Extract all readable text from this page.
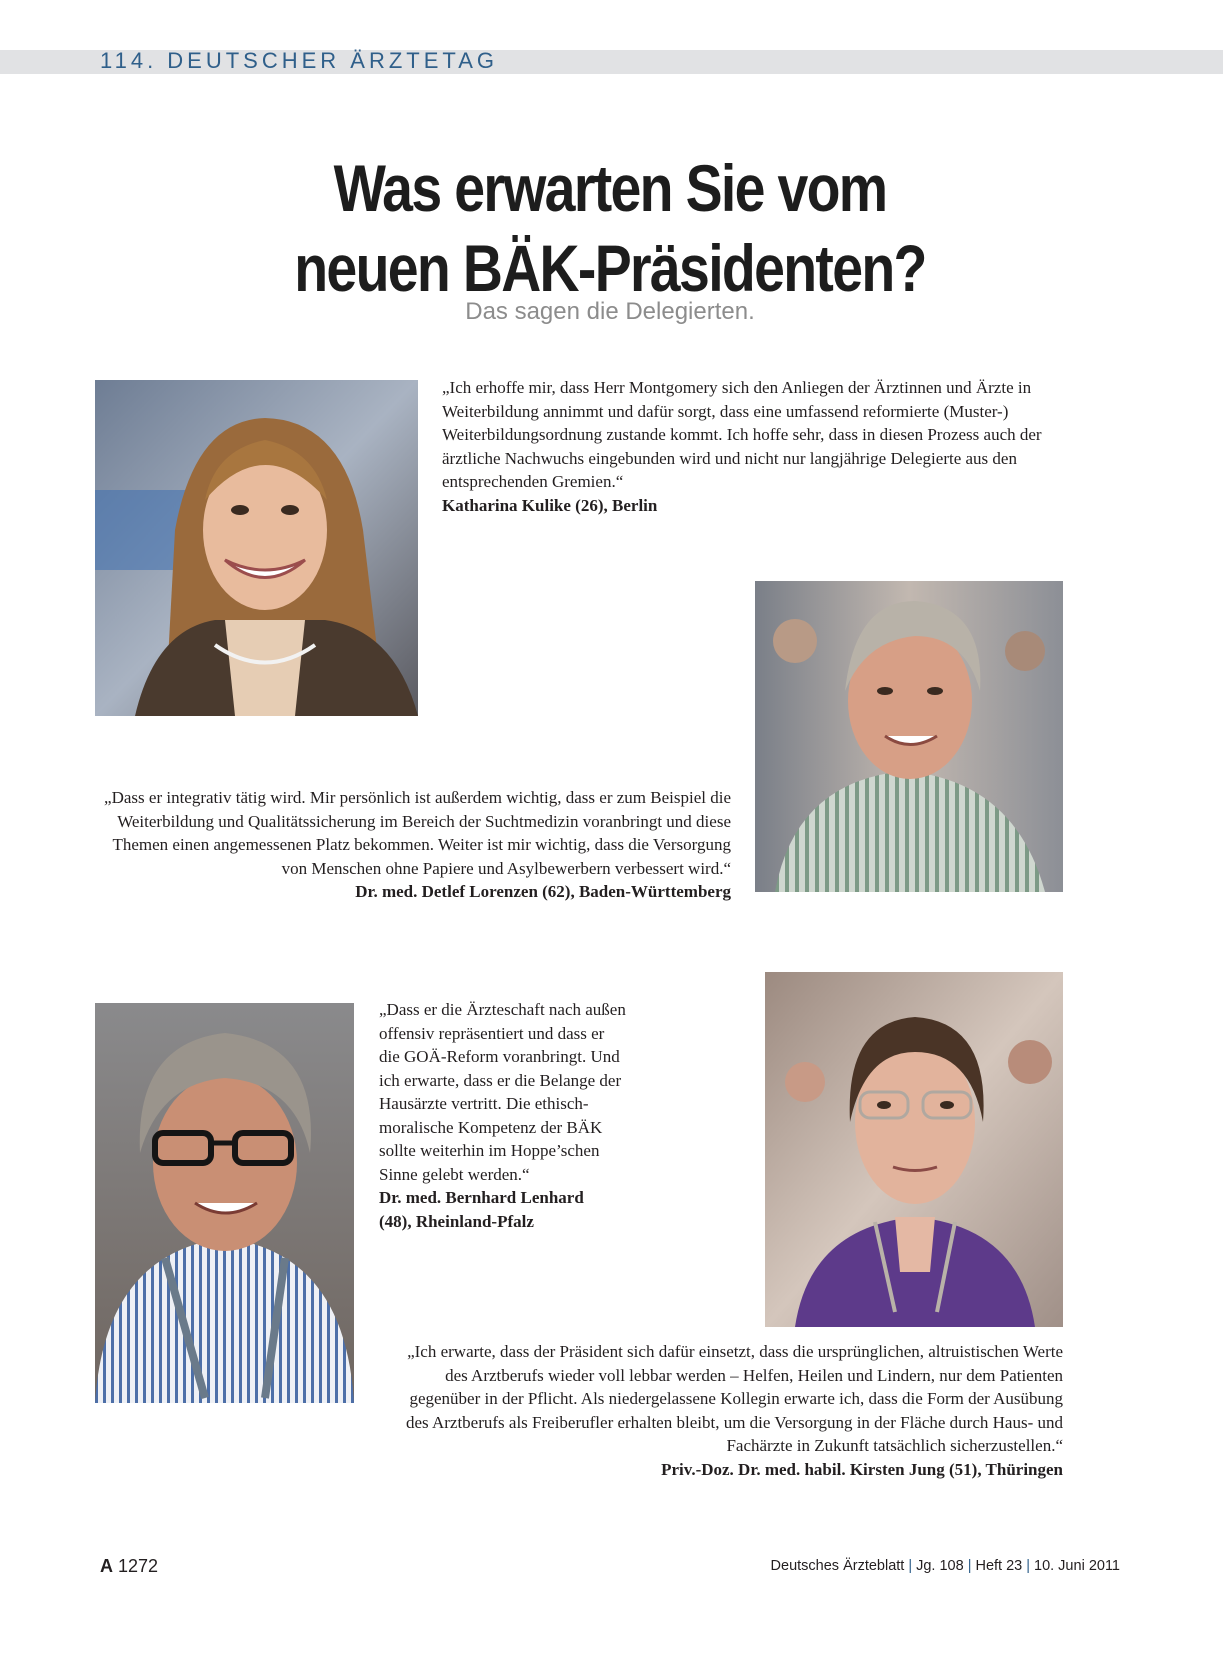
114. DEUTSCHER ÄRZTETAG
Was erwarten Sie vom
neuen BÄK-Präsidenten?
Das sagen die Delegierten.

„Ich erhoffe mir, dass Herr Montgomery sich den Anliegen der Ärztinnen und Ärzte in Weiterbildung annimmt und dafür sorgt, dass eine umfassend reformierte (Muster-) Weiterbildungsordnung zustande kommt. Ich hoffe sehr, dass in diesen Prozess auch der ärztliche Nachwuchs eingebunden wird und nicht nur langjährige Delegierte aus den entsprechenden Gremien.“
Katharina Kulike (26), Berlin

„Dass er integrativ tätig wird. Mir persönlich ist außerdem wichtig, dass er zum Beispiel die Weiterbildung und Qualitätssicherung im Bereich der Suchtmedizin voranbringt und diese Themen einen angemessenen Platz bekommen. Weiter ist mir wichtig, dass die Versorgung von Menschen ohne Papiere und Asylbewerbern verbessert wird.“
Dr. med. Detlef Lorenzen (62), Baden-Württemberg

„Dass er die Ärzteschaft nach außen offensiv repräsentiert und dass er die GOÄ-Reform voranbringt. Und ich erwarte, dass er die Belange der Hausärzte vertritt. Die ethisch-moralische Kompetenz der BÄK sollte weiterhin im Hoppe’schen Sinne gelebt werden.“
Dr. med. Bernhard Lenhard
(48), Rheinland-Pfalz

„Ich erwarte, dass der Präsident sich dafür einsetzt, dass die ursprünglichen, altruistischen Werte des Arztberufs wieder voll lebbar werden – Helfen, Heilen und Lindern, nur dem Patienten gegenüber in der Pflicht. Als niedergelassene Kollegin erwarte ich, dass die Form der Ausübung des Arztberufs als Freiberufler erhalten bleibt, um die Versorgung in der Fläche durch Haus- und Fachärzte in Zukunft tatsächlich sicherzustellen.“
Priv.-Doz. Dr. med. habil. Kirsten Jung (51), Thüringen

A 1272	Deutsches Ärzteblatt | Jg. 108 | Heft 23 | 10. Juni 2011
